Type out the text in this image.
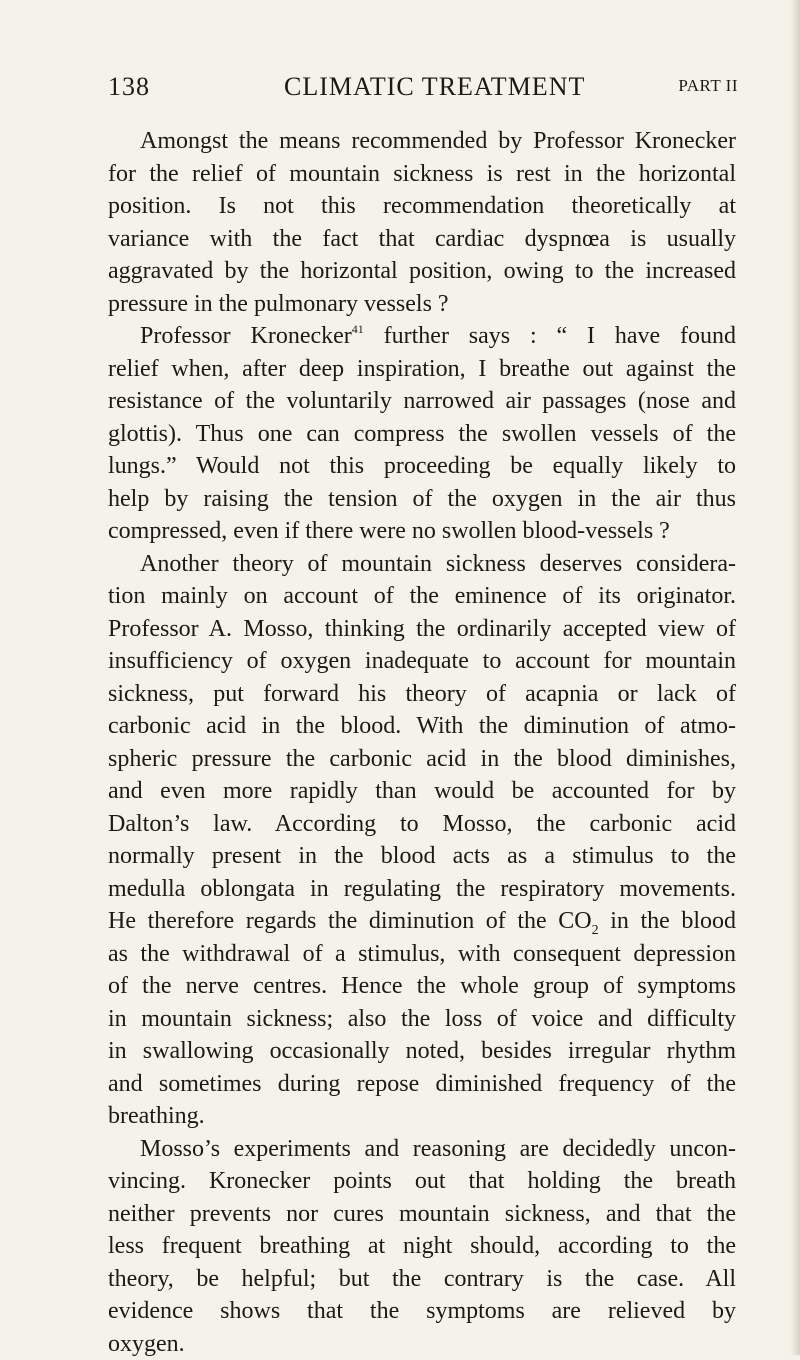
138	CLIMATIC TREATMENT	PART II
Amongst the means recommended by Professor Kronecker
for the relief of mountain sickness is rest in the horizontal
position. Is not this recommendation theoretically at
variance with the fact that cardiac dyspnœa is usually
aggravated by the horizontal position, owing to the increased
pressure in the pulmonary vessels ?
Professor Kronecker$^{41}$ further says : “ I have found
relief when, after deep inspiration, I breathe out against the
resistance of the voluntarily narrowed air passages (nose and
glottis). Thus one can compress the swollen vessels of the
lungs.” Would not this proceeding be equally likely to
help by raising the tension of the oxygen in the air thus
compressed, even if there were no swollen blood-vessels ?
Another theory of mountain sickness deserves considera-
tion mainly on account of the eminence of its originator.
Professor A. Mosso, thinking the ordinarily accepted view of
insufficiency of oxygen inadequate to account for mountain
sickness, put forward his theory of acapnia or lack of
carbonic acid in the blood. With the diminution of atmo-
spheric pressure the carbonic acid in the blood diminishes,
and even more rapidly than would be accounted for by
Dalton’s law. According to Mosso, the carbonic acid
normally present in the blood acts as a stimulus to the
medulla oblongata in regulating the respiratory movements.
He therefore regards the diminution of the $CO_2$ in the blood
as the withdrawal of a stimulus, with consequent depression
of the nerve centres. Hence the whole group of symptoms
in mountain sickness; also the loss of voice and difficulty
in swallowing occasionally noted, besides irregular rhythm
and sometimes during repose diminished frequency of the
breathing.
Mosso’s experiments and reasoning are decidedly uncon-
vincing. Kronecker points out that holding the breath
neither prevents nor cures mountain sickness, and that the
less frequent breathing at night should, according to the
theory, be helpful; but the contrary is the case. All
evidence shows that the symptoms are relieved by
oxygen.
